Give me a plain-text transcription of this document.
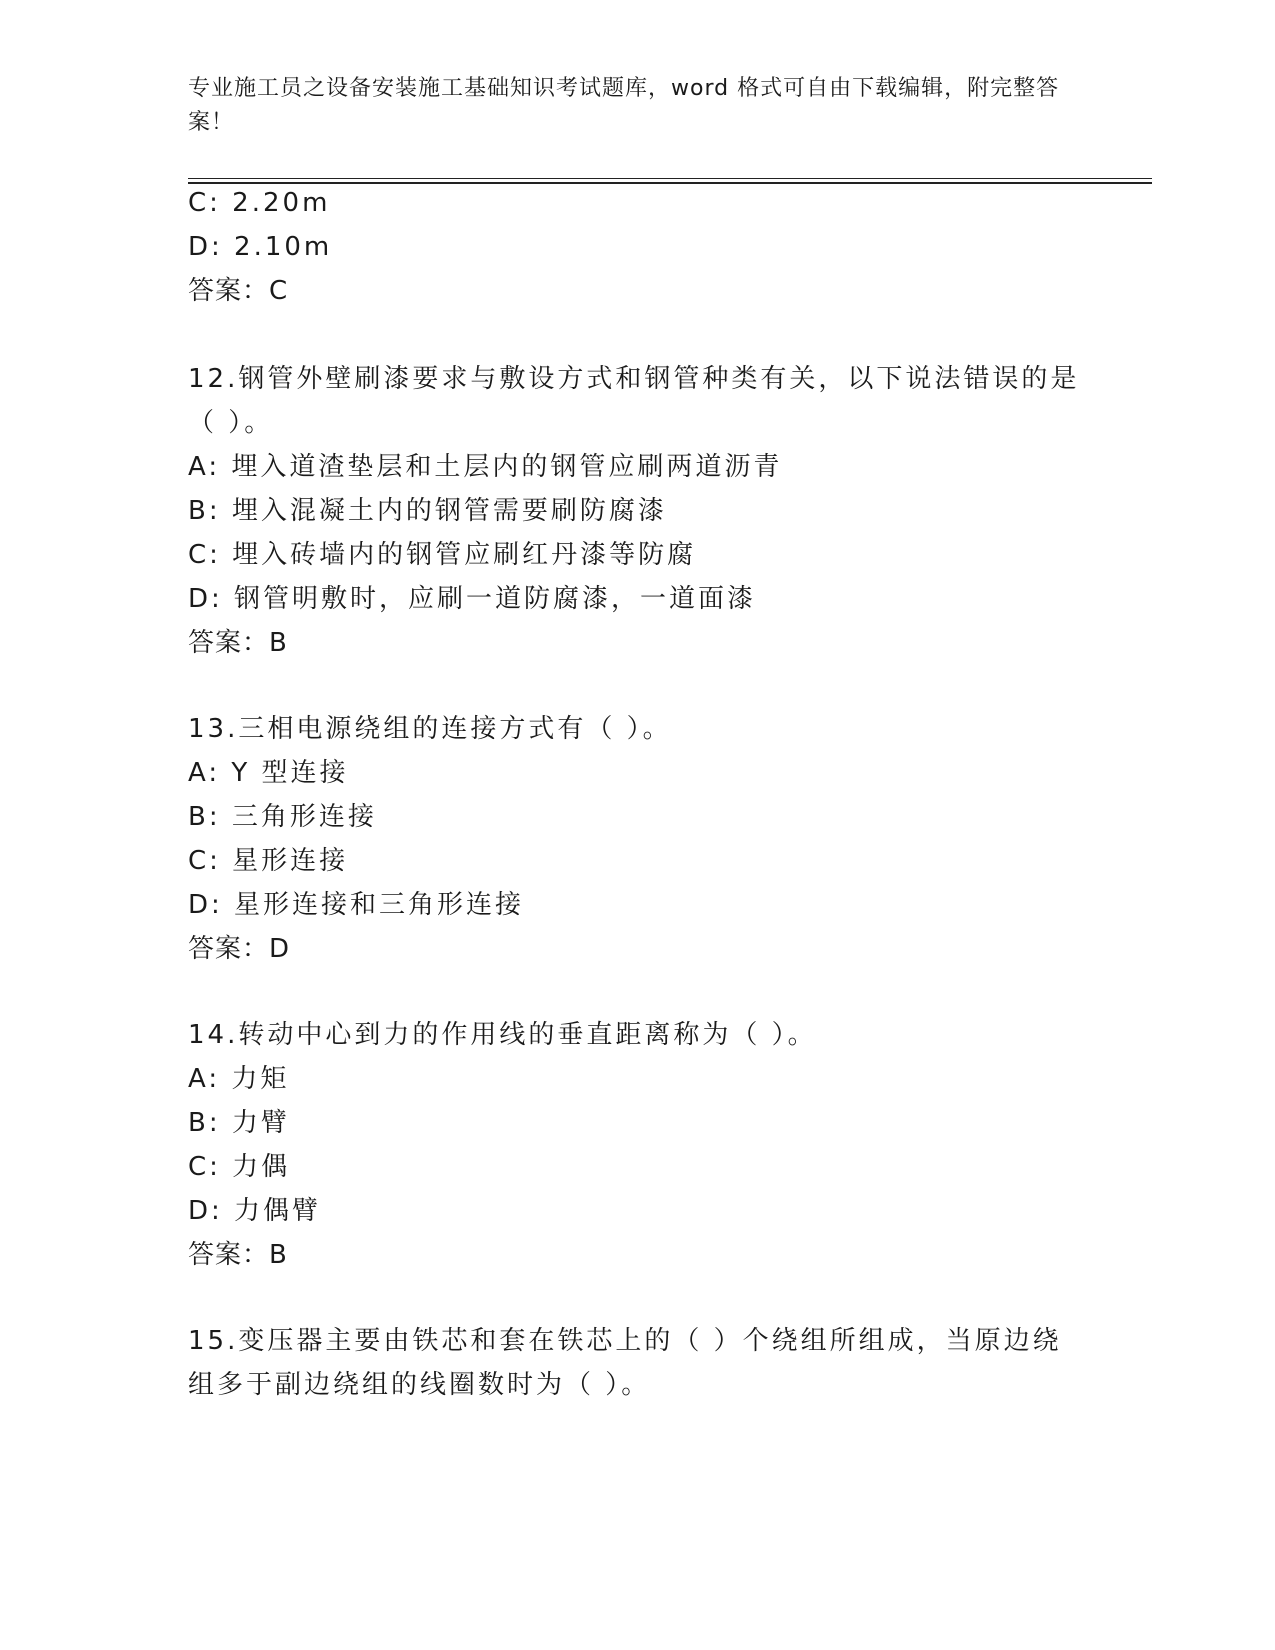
专业施工员之设备安装施工基础知识考试题库，word 格式可自由下载编辑，附完整答案！
C: 2.20m
D: 2.10m
答案：C
12.钢管外壁刷漆要求与敷设方式和钢管种类有关，以下说法错误的是
（ ）。
A: 埋入道渣垫层和土层内的钢管应刷两道沥青
B: 埋入混凝土内的钢管需要刷防腐漆
C: 埋入砖墙内的钢管应刷红丹漆等防腐
D: 钢管明敷时，应刷一道防腐漆，一道面漆
答案：B
13.三相电源绕组的连接方式有（ ）。
A: Y 型连接
B: 三角形连接
C: 星形连接
D: 星形连接和三角形连接
答案：D
14.转动中心到力的作用线的垂直距离称为（ ）。
A: 力矩
B: 力臂
C: 力偶
D: 力偶臂
答案：B
15.变压器主要由铁芯和套在铁芯上的（ ）个绕组所组成，当原边绕
组多于副边绕组的线圈数时为（ ）。
